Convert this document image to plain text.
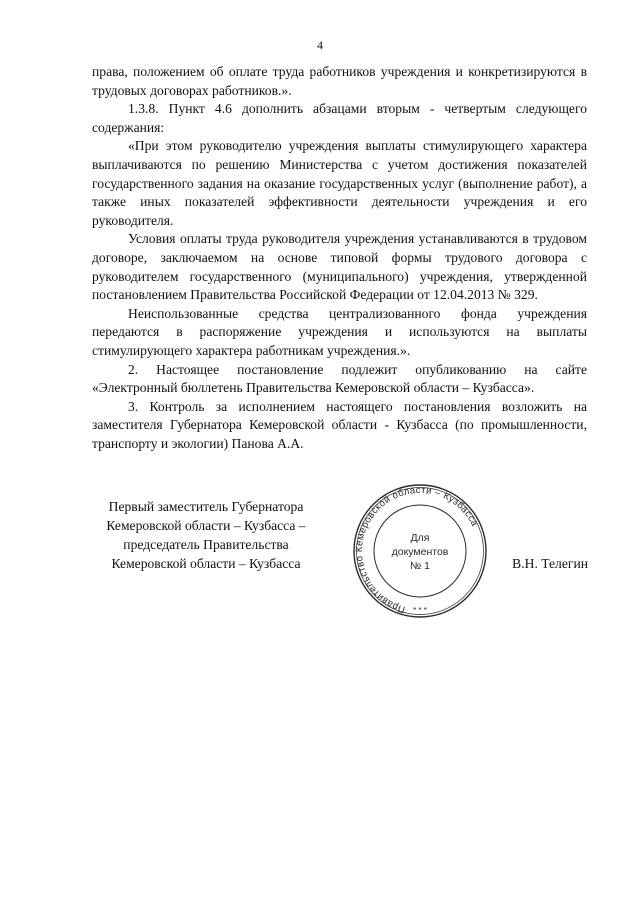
4

права, положением об оплате труда работников учреждения и конкретизируются в трудовых договорах работников.».

1.3.8. Пункт 4.6 дополнить абзацами вторым - четвертым следующего содержания:

«При этом руководителю учреждения выплаты стимулирующего характера выплачиваются по решению Министерства с учетом достижения показателей государственного задания на оказание государственных услуг (выполнение работ), а также иных показателей эффективности деятельности учреждения и его руководителя.

Условия оплаты труда руководителя учреждения устанавливаются в трудовом договоре, заключаемом на основе типовой формы трудового договора с руководителем государственного (муниципального) учреждения, утвержденной постановлением Правительства Российской Федерации от 12.04.2013 № 329.

Неиспользованные средства централизованного фонда учреждения передаются в распоряжение учреждения и используются на выплаты стимулирующего характера работникам учреждения.».

2. Настоящее постановление подлежит опубликованию на сайте «Электронный бюллетень Правительства Кемеровской области – Кузбасса».

3. Контроль за исполнением настоящего постановления возложить на заместителя Губернатора Кемеровской области - Кузбасса (по промышленности, транспорту и экологии) Панова А.А.

Первый заместитель Губернатора
Кемеровской области – Кузбасса –
председатель Правительства
Кемеровской области – Кузбасса
Правительство Кемеровской области – Кузбасса
* * *
Для
документов
№ 1	В.Н. Телегин
